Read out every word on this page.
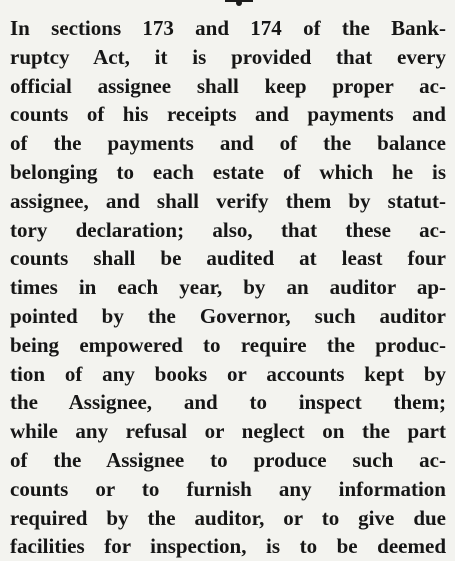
In sections 173 and 174 of the Bank-
ruptcy Act, it is provided that every
official assignee shall keep proper ac-
counts of his receipts and payments and
of the payments and of the balance
belonging to each estate of which he is
assignee, and shall verify them by statut-
tory declaration; also, that these ac-
counts shall be audited at least four
times in each year, by an auditor ap-
pointed by the Governor, such auditor
being empowered to require the produc-
tion of any books or accounts kept by
the Assignee, and to inspect them;
while any refusal or neglect on the part
of the Assignee to produce such ac-
counts or to furnish any information
required by the auditor, or to give due
facilities for inspection, is to be deemed
